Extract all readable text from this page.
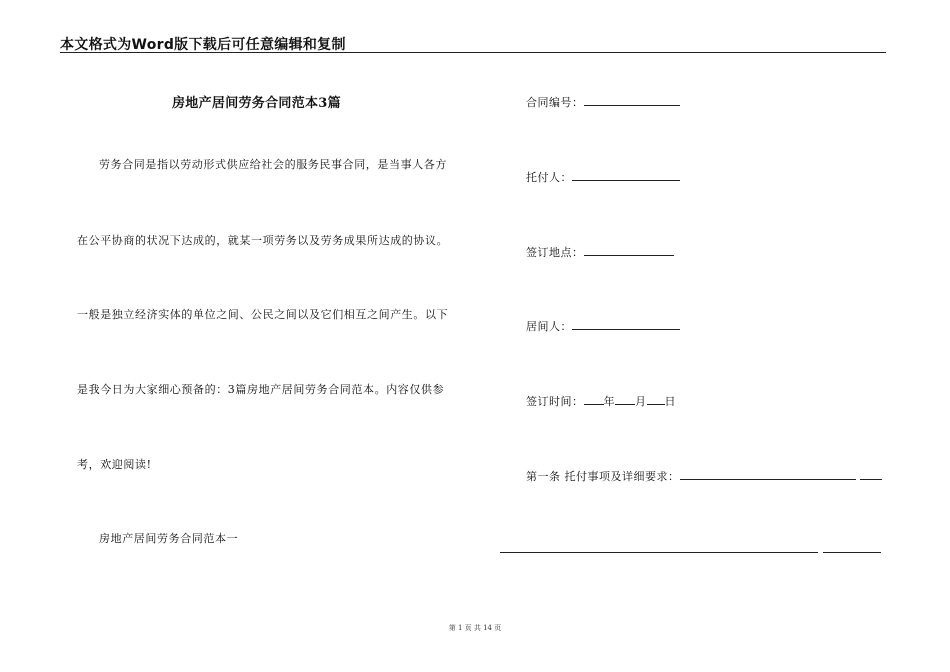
本文格式为Word版下载后可任意编辑和复制
房地产居间劳务合同范本3篇
劳务合同是指以劳动形式供应给社会的服务民事合同，是当事人各方
在公平协商的状况下达成的，就某一项劳务以及劳务成果所达成的协议。
一般是独立经济实体的单位之间、公民之间以及它们相互之间产生。以下
是我今日为大家细心预备的：3篇房地产居间劳务合同范本。内容仅供参
考，欢迎阅读!
房地产居间劳务合同范本一
合同编号：
托付人：
签订地点：
居间人：
签订时间： 年 月 日
第一条 托付事项及详细要求：
第 1 页 共 14 页
